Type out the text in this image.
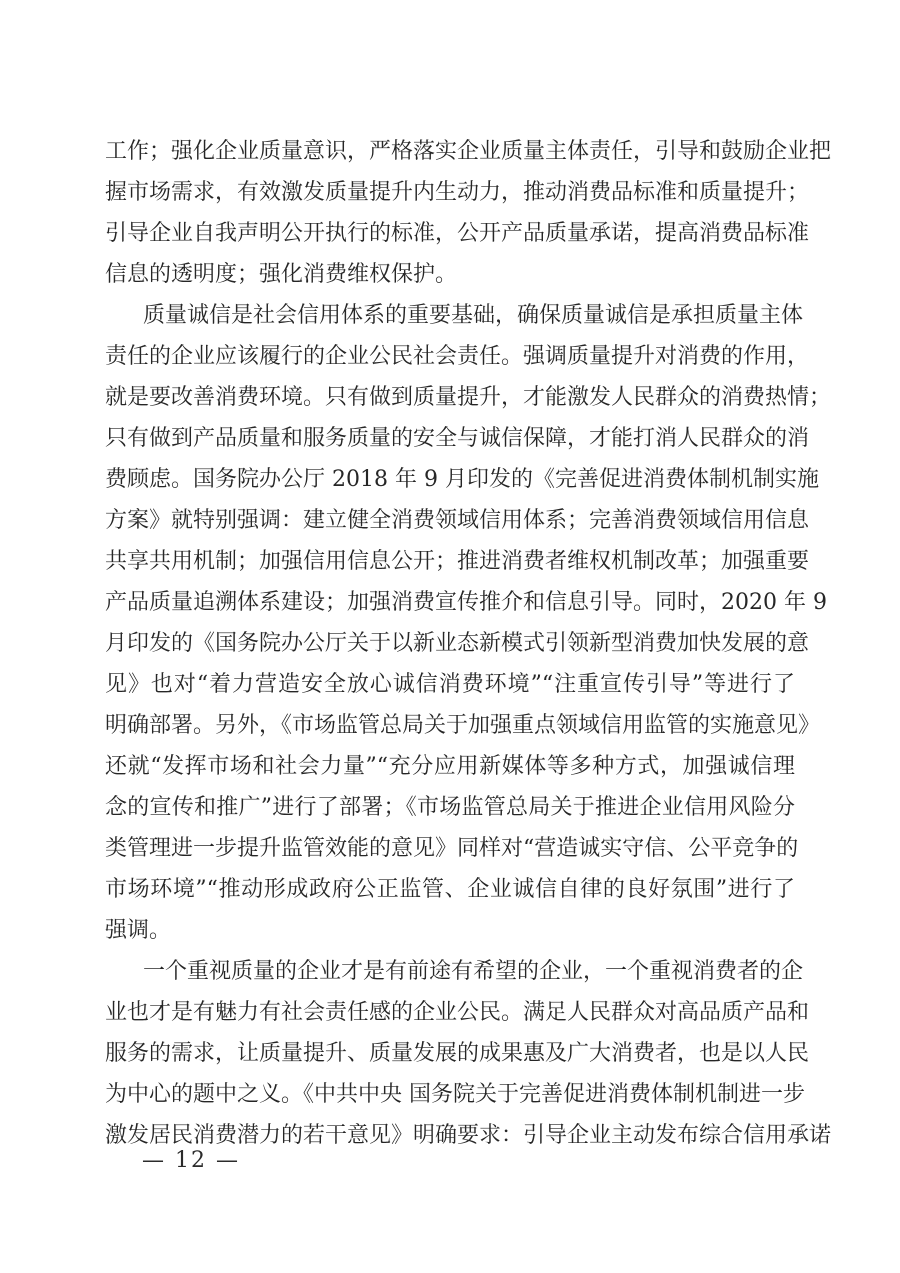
工作；强化企业质量意识，严格落实企业质量主体责任，引导和鼓励企业把
握市场需求，有效激发质量提升内生动力，推动消费品标准和质量提升；
引导企业自我声明公开执行的标准，公开产品质量承诺，提高消费品标准
信息的透明度；强化消费维权保护。
质量诚信是社会信用体系的重要基础，确保质量诚信是承担质量主体
责任的企业应该履行的企业公民社会责任。强调质量提升对消费的作用，
就是要改善消费环境。只有做到质量提升，才能激发人民群众的消费热情；
只有做到产品质量和服务质量的安全与诚信保障，才能打消人民群众的消
费顾虑。国务院办公厅 2018 年 9 月印发的《完善促进消费体制机制实施
方案》就特别强调：建立健全消费领域信用体系；完善消费领域信用信息
共享共用机制；加强信用信息公开；推进消费者维权机制改革；加强重要
产品质量追溯体系建设；加强消费宣传推介和信息引导。同时，2020 年 9
月印发的《国务院办公厅关于以新业态新模式引领新型消费加快发展的意
见》也对“着力营造安全放心诚信消费环境”“注重宣传引导”等进行了
明确部署。另外，《市场监管总局关于加强重点领域信用监管的实施意见》
还就“发挥市场和社会力量”“充分应用新媒体等多种方式，加强诚信理
念的宣传和推广”进行了部署；《市场监管总局关于推进企业信用风险分
类管理进一步提升监管效能的意见》同样对“营造诚实守信、公平竞争的
市场环境”“推动形成政府公正监管、企业诚信自律的良好氛围”进行了
强调。
一个重视质量的企业才是有前途有希望的企业，一个重视消费者的企
业也才是有魅力有社会责任感的企业公民。满足人民群众对高品质产品和
服务的需求，让质量提升、质量发展的成果惠及广大消费者，也是以人民
为中心的题中之义。《中共中央 国务院关于完善促进消费体制机制进一步
激发居民消费潜力的若干意见》明确要求：引导企业主动发布综合信用承诺
— 12 —
